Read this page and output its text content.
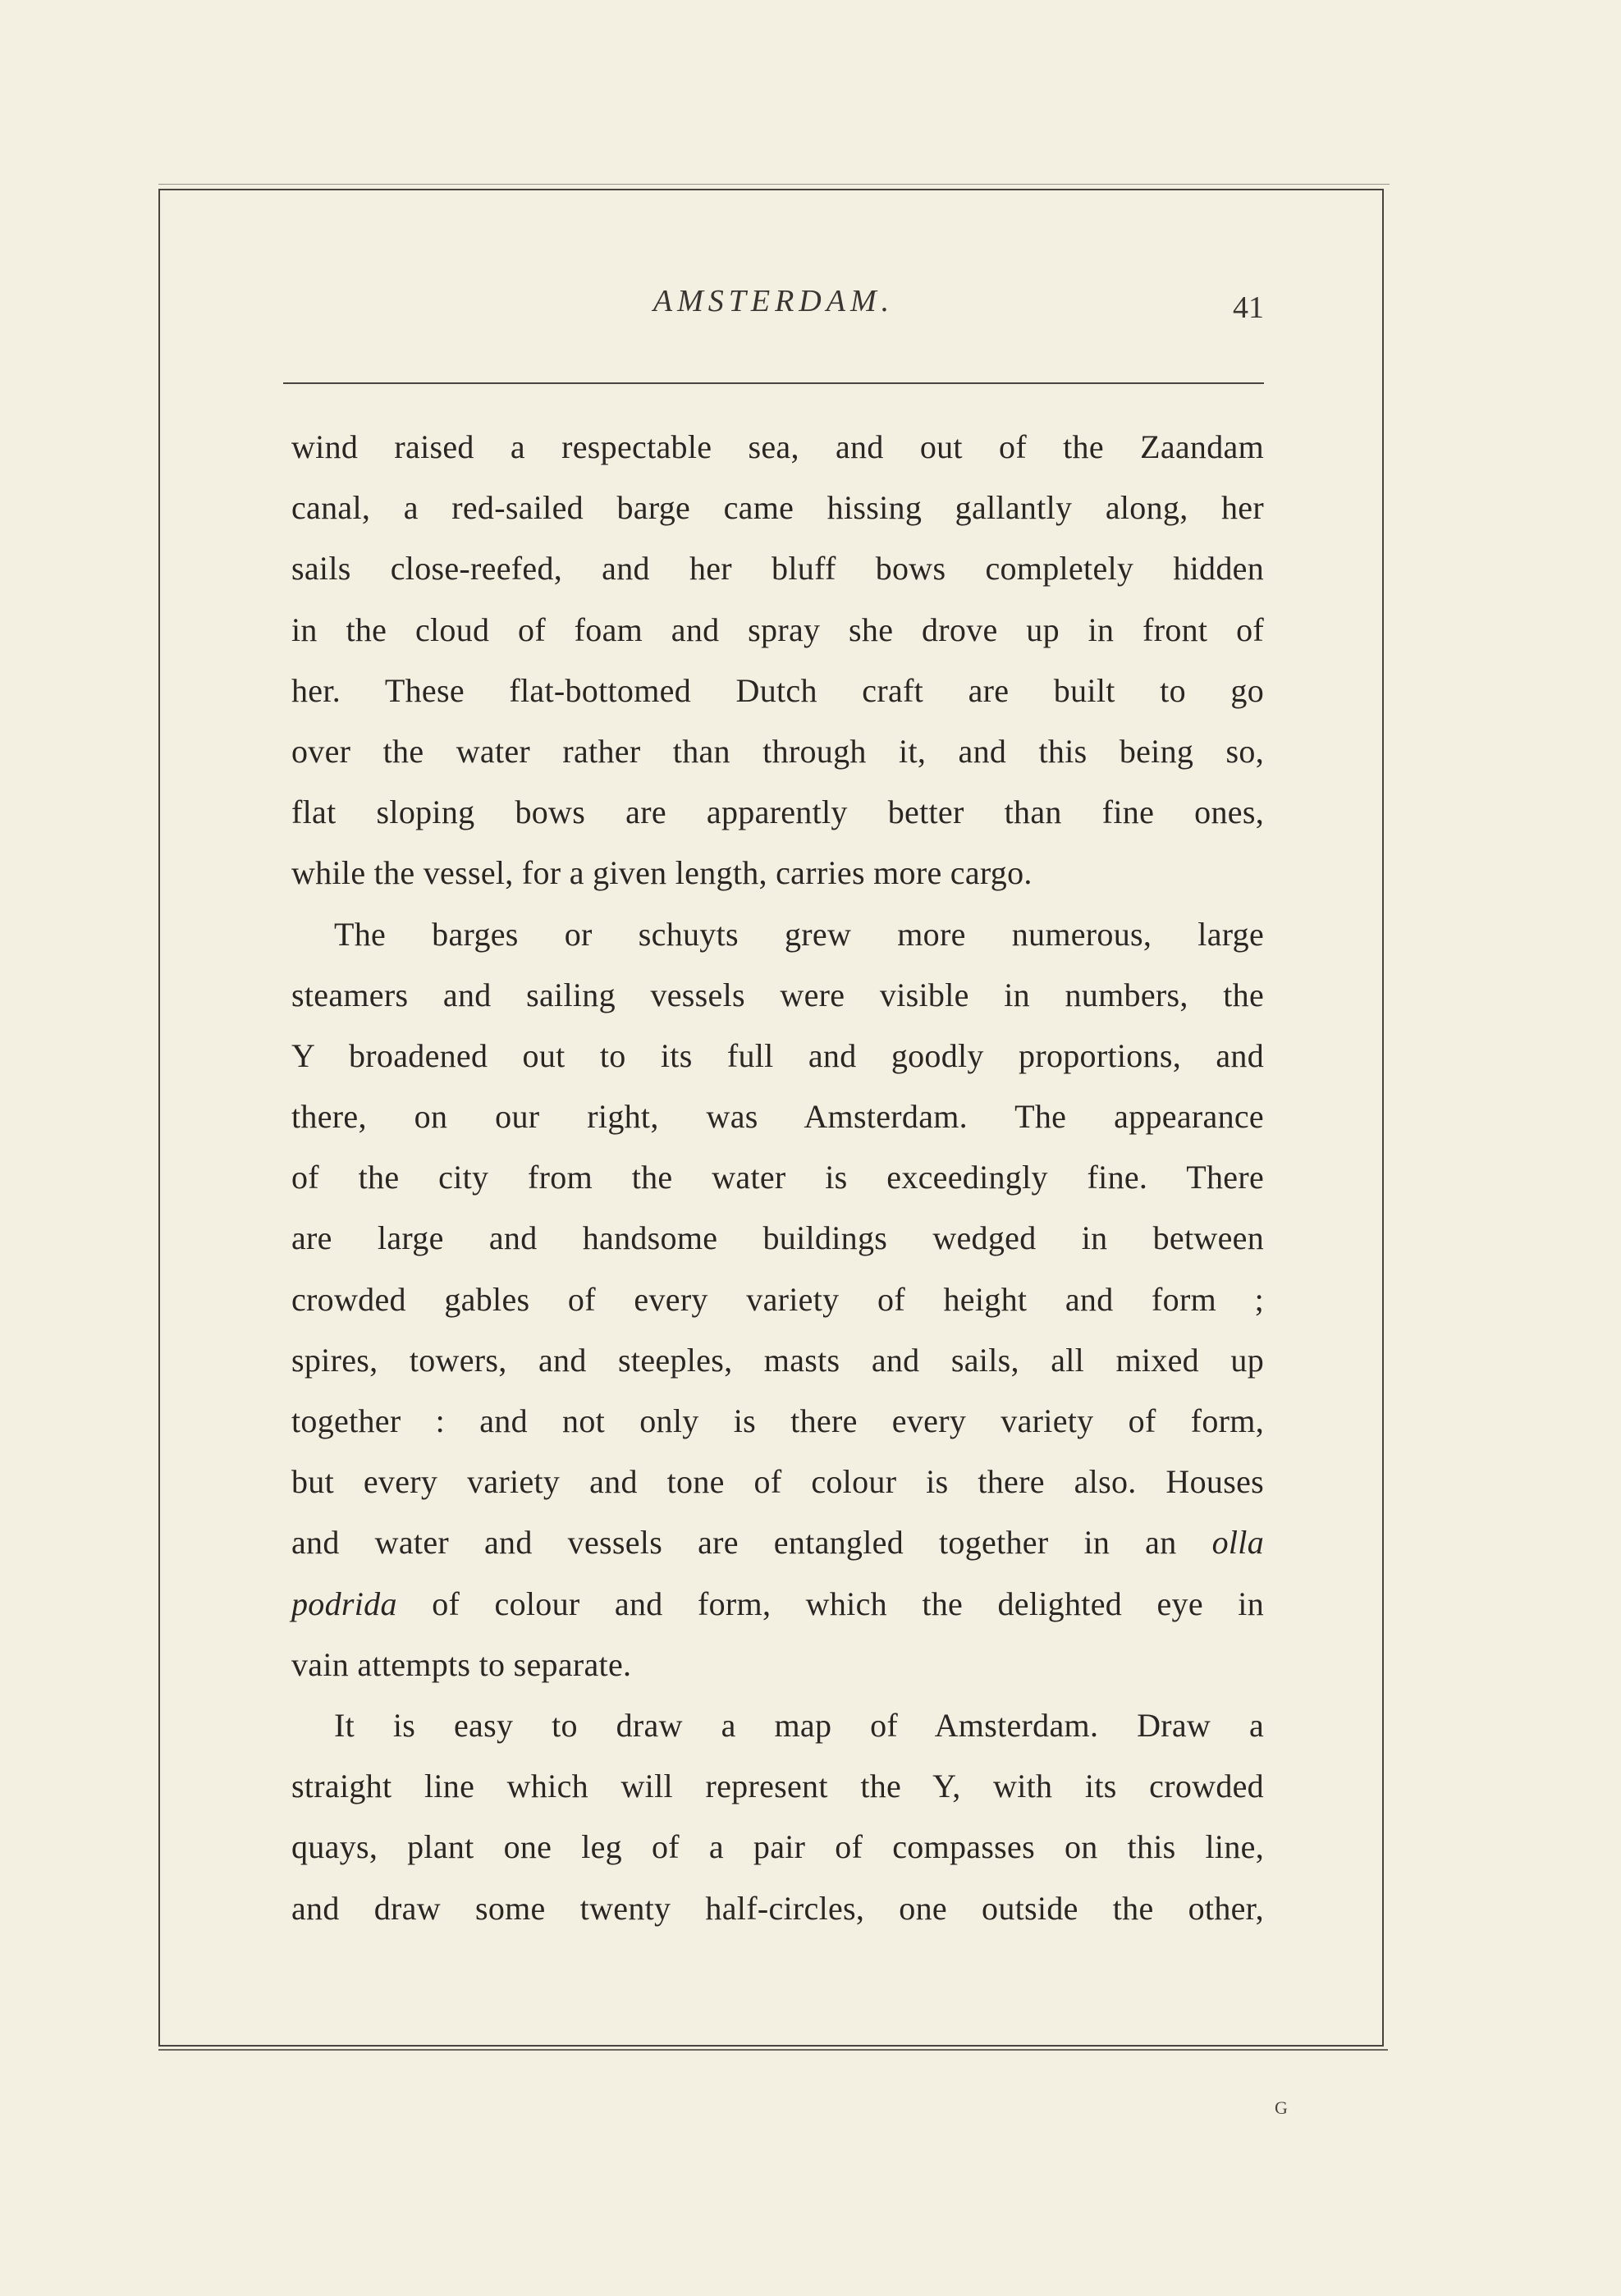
AMSTERDAM.	41
wind raised a respectable sea, and out of the Zaandam
canal, a red-sailed barge came hissing gallantly along, her
sails close-reefed, and her bluff bows completely hidden
in the cloud of foam and spray she drove up in front of
her. These flat-bottomed Dutch craft are built to go
over the water rather than through it, and this being so,
flat sloping bows are apparently better than fine ones,
while the vessel, for a given length, carries more cargo.
The barges or schuyts grew more numerous, large
steamers and sailing vessels were visible in numbers, the
Y broadened out to its full and goodly proportions, and
there, on our right, was Amsterdam. The appearance
of the city from the water is exceedingly fine. There
are large and handsome buildings wedged in between
crowded gables of every variety of height and form ;
spires, towers, and steeples, masts and sails, all mixed up
together : and not only is there every variety of form,
but every variety and tone of colour is there also. Houses
and water and vessels are entangled together in an olla
podrida of colour and form, which the delighted eye in
vain attempts to separate.
It is easy to draw a map of Amsterdam. Draw a
straight line which will represent the Y, with its crowded
quays, plant one leg of a pair of compasses on this line,
and draw some twenty half-circles, one outside the other,
G
